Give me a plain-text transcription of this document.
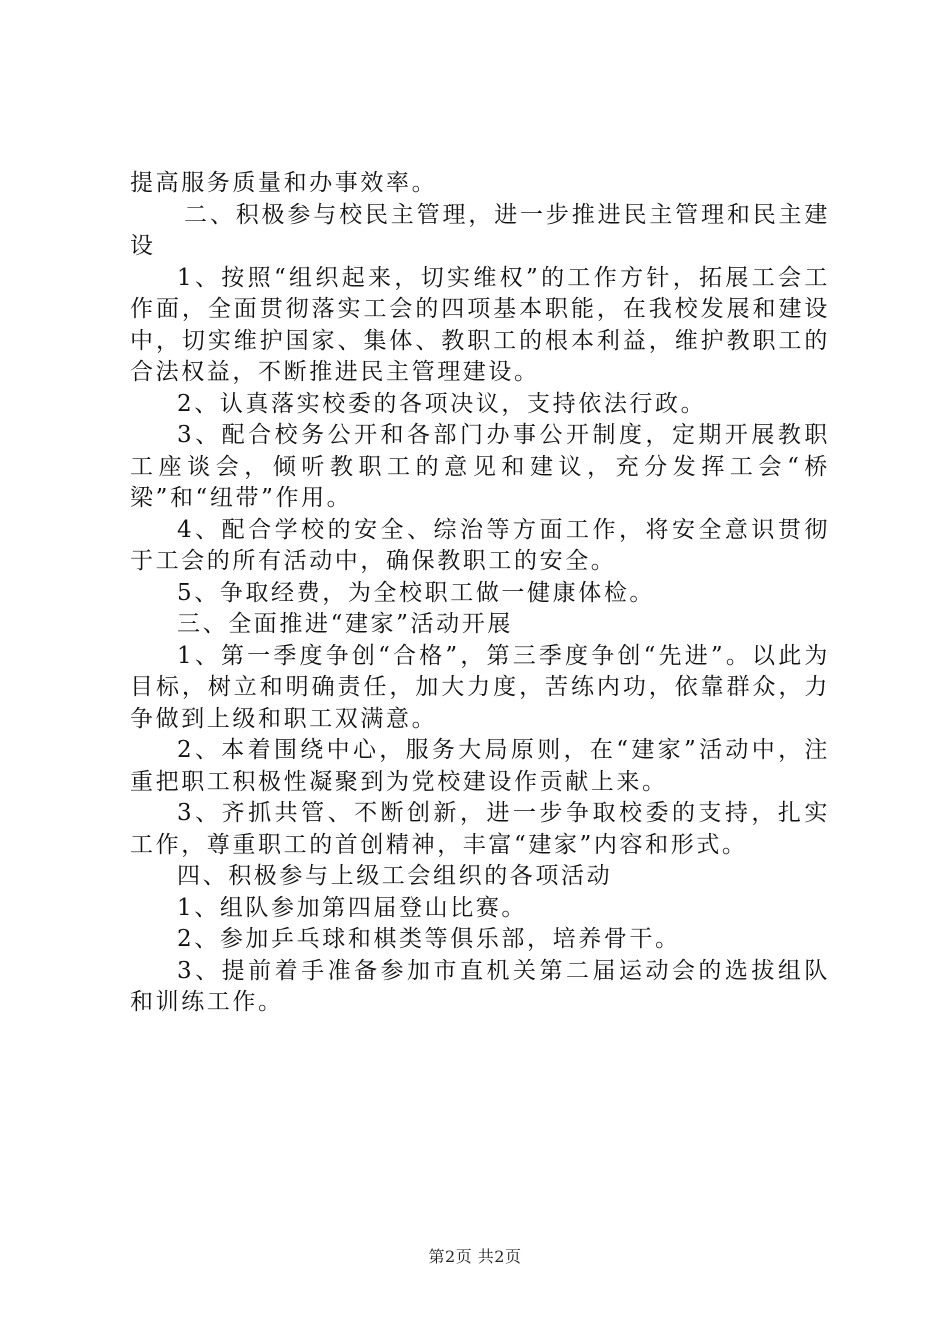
提高服务质量和办事效率。

二、积极参与校民主管理，进一步推进民主管理和民主建设

1、按照“组织起来，切实维权”的工作方针，拓展工会工作面，全面贯彻落实工会的四项基本职能，在我校发展和建设中，切实维护国家、集体、教职工的根本利益，维护教职工的合法权益，不断推进民主管理建设。

2、认真落实校委的各项决议，支持依法行政。

3、配合校务公开和各部门办事公开制度，定期开展教职工座谈会，倾听教职工的意见和建议，充分发挥工会“桥梁”和“纽带”作用。

4、配合学校的安全、综治等方面工作，将安全意识贯彻于工会的所有活动中，确保教职工的安全。

5、争取经费，为全校职工做一健康体检。

三、全面推进“建家”活动开展

1、第一季度争创“合格”，第三季度争创“先进”。以此为目标，树立和明确责任，加大力度，苦练内功，依靠群众，力争做到上级和职工双满意。

2、本着围绕中心，服务大局原则，在“建家”活动中，注重把职工积极性凝聚到为党校建设作贡献上来。

3、齐抓共管、不断创新，进一步争取校委的支持，扎实工作，尊重职工的首创精神，丰富“建家”内容和形式。

四、积极参与上级工会组织的各项活动

1、组队参加第四届登山比赛。

2、参加乒乓球和棋类等俱乐部，培养骨干。

3、提前着手准备参加市直机关第二届运动会的选拔组队和训练工作。

第2页 共2页
